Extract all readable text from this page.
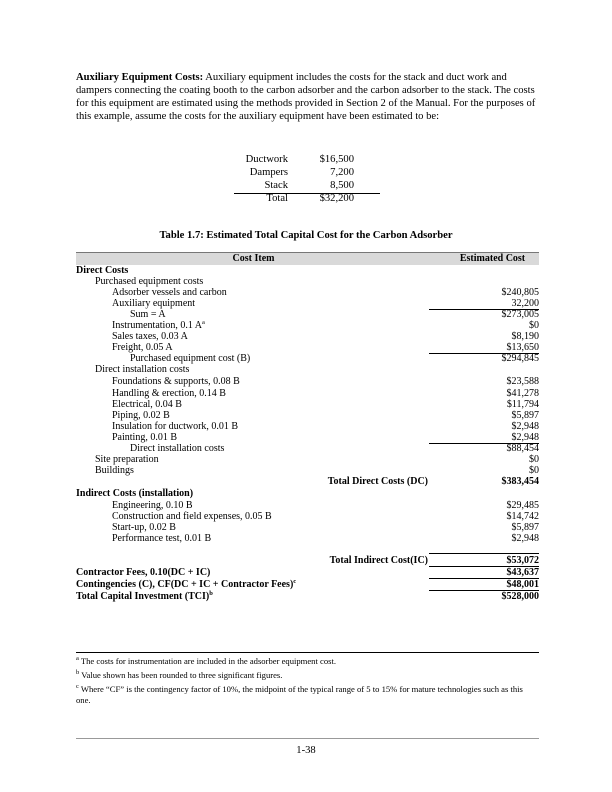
Auxiliary Equipment Costs: Auxiliary equipment includes the costs for the stack and duct work and dampers connecting the coating booth to the carbon adsorber and the carbon adsorber to the stack. The costs for this equipment are estimated using the methods provided in Section 2 of the Manual. For the purposes of this example, assume the costs for the auxiliary equipment have been estimated to be:
Ductwork	$16,500
Dampers	7,200
Stack	8,500
Total	$32,200
Table 1.7: Estimated Total Capital Cost for the Carbon Adsorber
Cost Item	Estimated Cost
Direct Costs
Purchased equipment costs
Adsorber vessels and carbon	$240,805
Auxiliary equipment	32,200
Sum = A	$273,005
Instrumentation, 0.1 $A^a$	$0
Sales taxes, 0.03 A	$8,190
Freight, 0.05 A	$13,650
Purchased equipment cost (B)	$294,845
Direct installation costs
Foundations & supports, 0.08 B	$23,588
Handling & erection, 0.14 B	$41,278
Electrical, 0.04 B	$11,794
Piping, 0.02 B	$5,897
Insulation for ductwork, 0.01 B	$2,948
Painting, 0.01 B	$2,948
Direct installation costs	$88,454
Site preparation	$0
Buildings	$0
Total Direct Costs (DC)	$383,454
Indirect Costs (installation)
Engineering, 0.10 B	$29,485
Construction and field expenses, 0.05 B	$14,742
Start-up, 0.02 B	$5,897
Performance test, 0.01 B	$2,948
Total Indirect Cost(IC)	$53,072
Contractor Fees, 0.10(DC + IC)	$43,637
Contingencies (C), CF(DC + IC + Contractor Fees)$^c$	$48,001
Total Capital Investment (TCI)$^b$	$528,000
$^a$ The costs for instrumentation are included in the adsorber equipment cost.
$^b$ Value shown has been rounded to three significant figures.
$^c$ Where “CF” is the contingency factor of 10%, the midpoint of the typical range of 5 to 15% for mature technologies such as this one.
1-38
